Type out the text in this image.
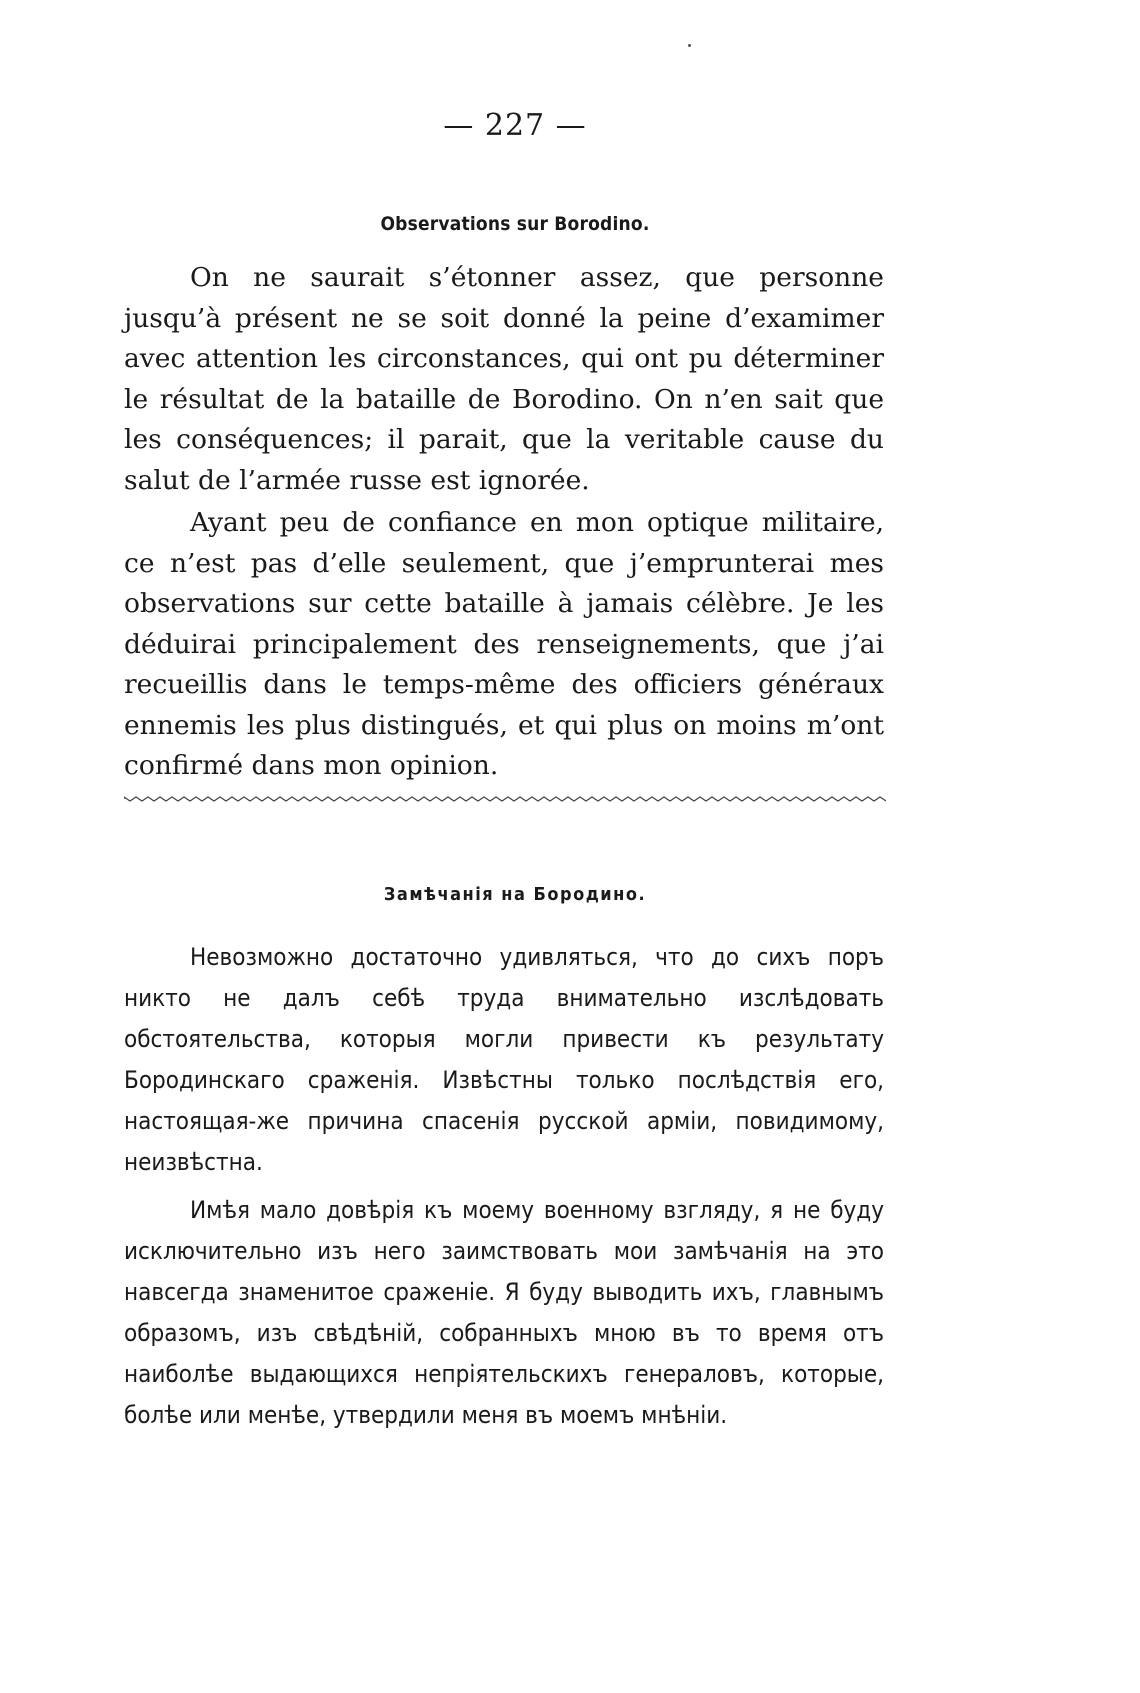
— 227 —
Observations sur Borodino.

On ne saurait s’étonner assez, que personne jusqu’à présent ne se soit donné la peine d’examimer avec attention les circonstances, qui ont pu déterminer le résultat de la bataille de Borodino. On n’en sait que les conséquences; il parait, que la veritable cause du salut de l’armée russe est ignorée.

Ayant peu de confiance en mon optique militaire, ce n’est pas d’elle seulement, que j’emprunterai mes observations sur cette bataille à jamais célèbre. Je les déduirai principalement des renseignements, que j’ai recueillis dans le temps-même des officiers généraux ennemis les plus distingués, et qui plus on moins m’ont confirmé dans mon opinion.

Замѣчанія на Бородино.

Невозможно достаточно удивляться, что до сихъ поръ никто не далъ себѣ труда внимательно изслѣдовать обстоятельства, которыя могли привести къ результату Бородинскаго сраженія. Извѣстны только послѣдствія его, настоящая-же причина спасенія русской арміи, повидимому, неизвѣстна.

Имѣя мало довѣрія къ моему военному взгляду, я не буду исключительно изъ него заимствовать мои замѣчанія на это навсегда знаменитое сраженіе. Я буду выводить ихъ, главнымъ образомъ, изъ свѣдѣній, собранныхъ мною въ то время отъ наиболѣе выдающихся непріятельскихъ генераловъ, которые, болѣе или менѣе, утвердили меня въ моемъ мнѣніи.
